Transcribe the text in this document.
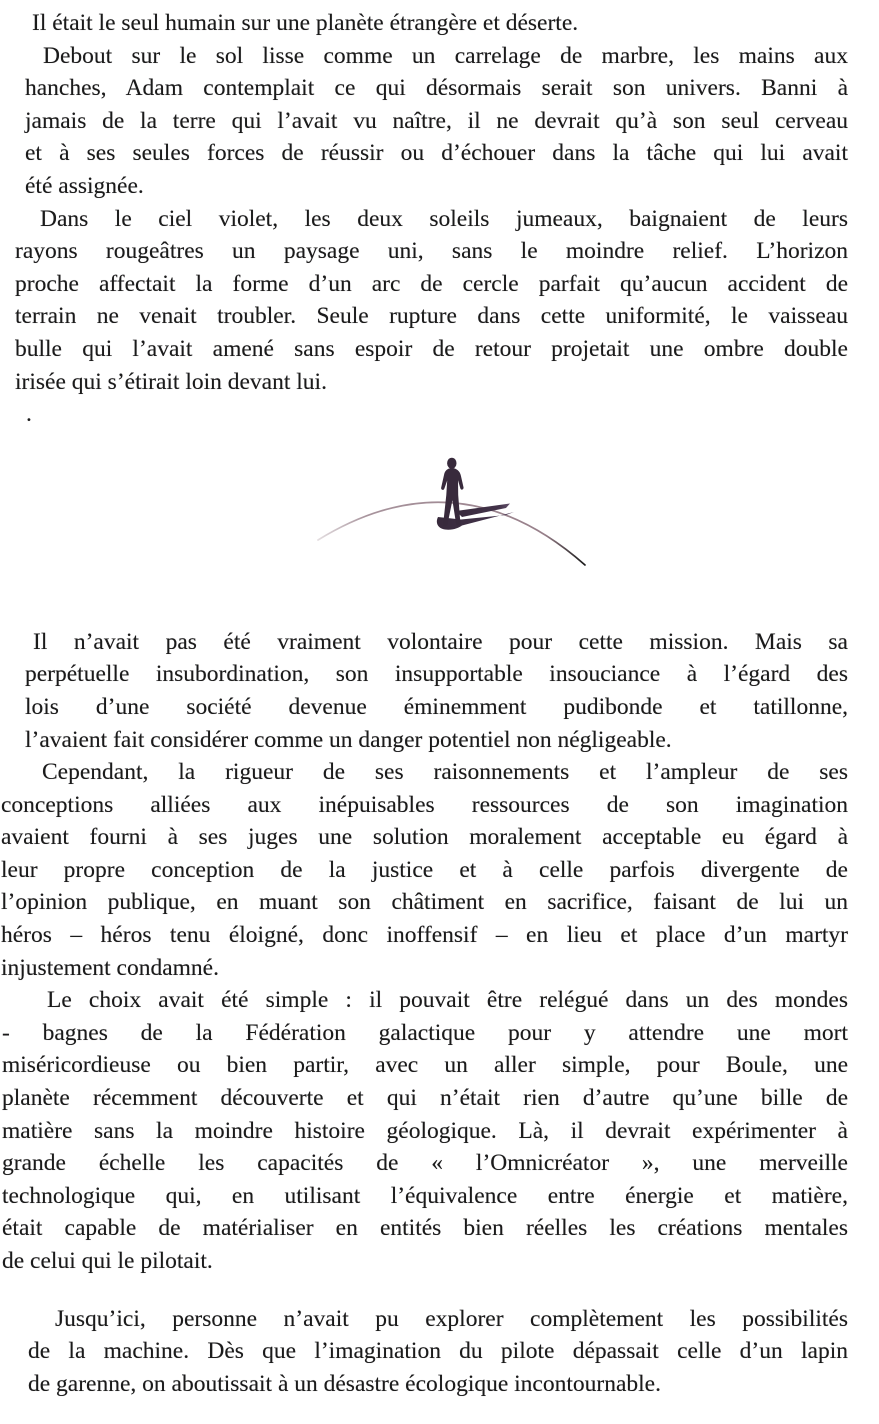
Il était le seul humain sur une planète étrangère et déserte.
Debout sur le sol lisse comme un carrelage de marbre, les mains aux
hanches, Adam contemplait ce qui désormais serait son univers. Banni à
jamais de la terre qui l’avait vu naître, il ne devrait qu’à son seul cerveau
et à ses seules forces de réussir ou d’échouer dans la tâche qui lui avait
été assignée.
Dans le ciel violet, les deux soleils jumeaux, baignaient de leurs
rayons rougeâtres un paysage uni, sans le moindre relief. L’horizon
proche affectait la forme d’un arc de cercle parfait qu’aucun accident de
terrain ne venait troubler. Seule rupture dans cette uniformité, le vaisseau
bulle qui l’avait amené sans espoir de retour projetait une ombre double
irisée qui s’étirait loin devant lui.
.
Il n’avait pas été vraiment volontaire pour cette mission. Mais sa
perpétuelle insubordination, son insupportable insouciance à l’égard des
lois d’une société devenue éminemment pudibonde et tatillonne,
l’avaient fait considérer comme un danger potentiel non négligeable.
Cependant, la rigueur de ses raisonnements et l’ampleur de ses
conceptions alliées aux inépuisables ressources de son imagination
avaient fourni à ses juges une solution moralement acceptable eu égard à
leur propre conception de la justice et à celle parfois divergente de
l’opinion publique, en muant son châtiment en sacrifice, faisant de lui un
héros – héros tenu éloigné, donc inoffensif – en lieu et place d’un martyr
injustement condamné.
Le choix avait été simple : il pouvait être relégué dans un des mondes
- bagnes de la Fédération galactique pour y attendre une mort
miséricordieuse ou bien partir, avec un aller simple, pour Boule, une
planète récemment découverte et qui n’était rien d’autre qu’une bille de
matière sans la moindre histoire géologique. Là, il devrait expérimenter à
grande échelle les capacités de « l’Omnicréator », une merveille
technologique qui, en utilisant l’équivalence entre énergie et matière,
était capable de matérialiser en entités bien réelles les créations mentales
de celui qui le pilotait.
Jusqu’ici, personne n’avait pu explorer complètement les possibilités
de la machine. Dès que l’imagination du pilote dépassait celle d’un lapin
de garenne, on aboutissait à un désastre écologique incontournable.
